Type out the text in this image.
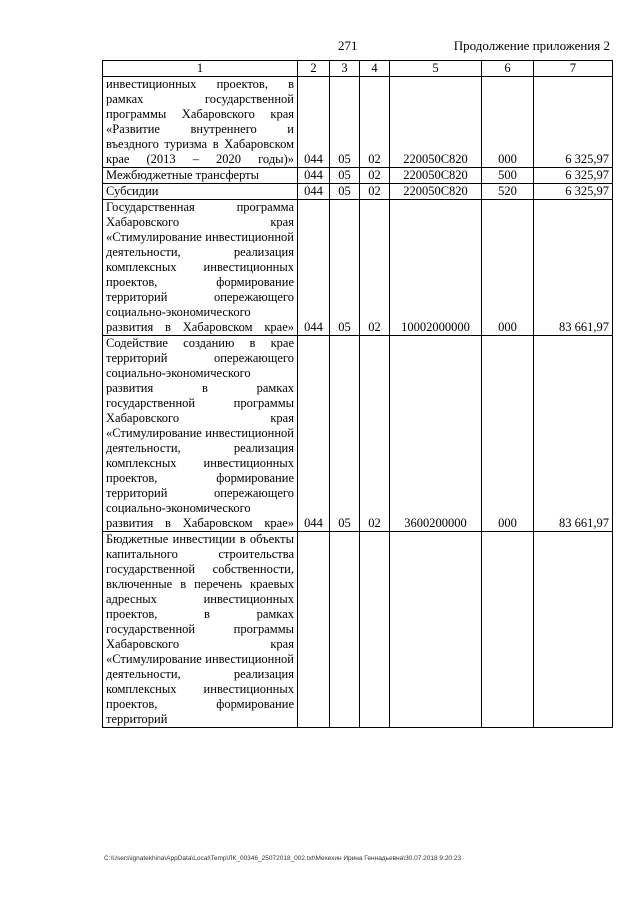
271	Продолжение приложения 2
1	2	3	4	5	6	7
инвестиционных проектов, в рамках государственной программы Хабаровского края «Развитие внутреннего и въездного туризма в Хабаровском крае (2013 – 2020 годы)»	044	05	02	220050С820	000	6 325,97
Межбюджетные трансферты	044	05	02	220050С820	500	6 325,97
Субсидии	044	05	02	220050С820	520	6 325,97
Государственная программа Хабаровского края «Стимулирование инвестиционной деятельности, реализация комплексных инвестиционных проектов, формирование территорий опережающего социально-экономического развития в Хабаровском крае»	044	05	02	10002000000	000	83 661,97
Содействие созданию в крае территорий опережающего социально-экономического развития в рамках государственной программы Хабаровского края «Стимулирование инвестиционной деятельности, реализация комплексных инвестиционных проектов, формирование территорий опережающего социально-экономического развития в Хабаровском крае»	044	05	02	3600200000	000	83 661,97
Бюджетные инвестиции в объекты капитального строительства государственной собственности, включенные в перечень краевых адресных инвестиционных проектов, в рамках государственной программы Хабаровского края «Стимулирование инвестиционной деятельности, реализация комплексных инвестиционных проектов, формирование территорий						
C:\Users\ignatekhina\AppData\Local\Temp\ЛК_00346_25072018_002.txt\Мехехин Ирина Геннадьевна\30.07.2018 9:20:23
